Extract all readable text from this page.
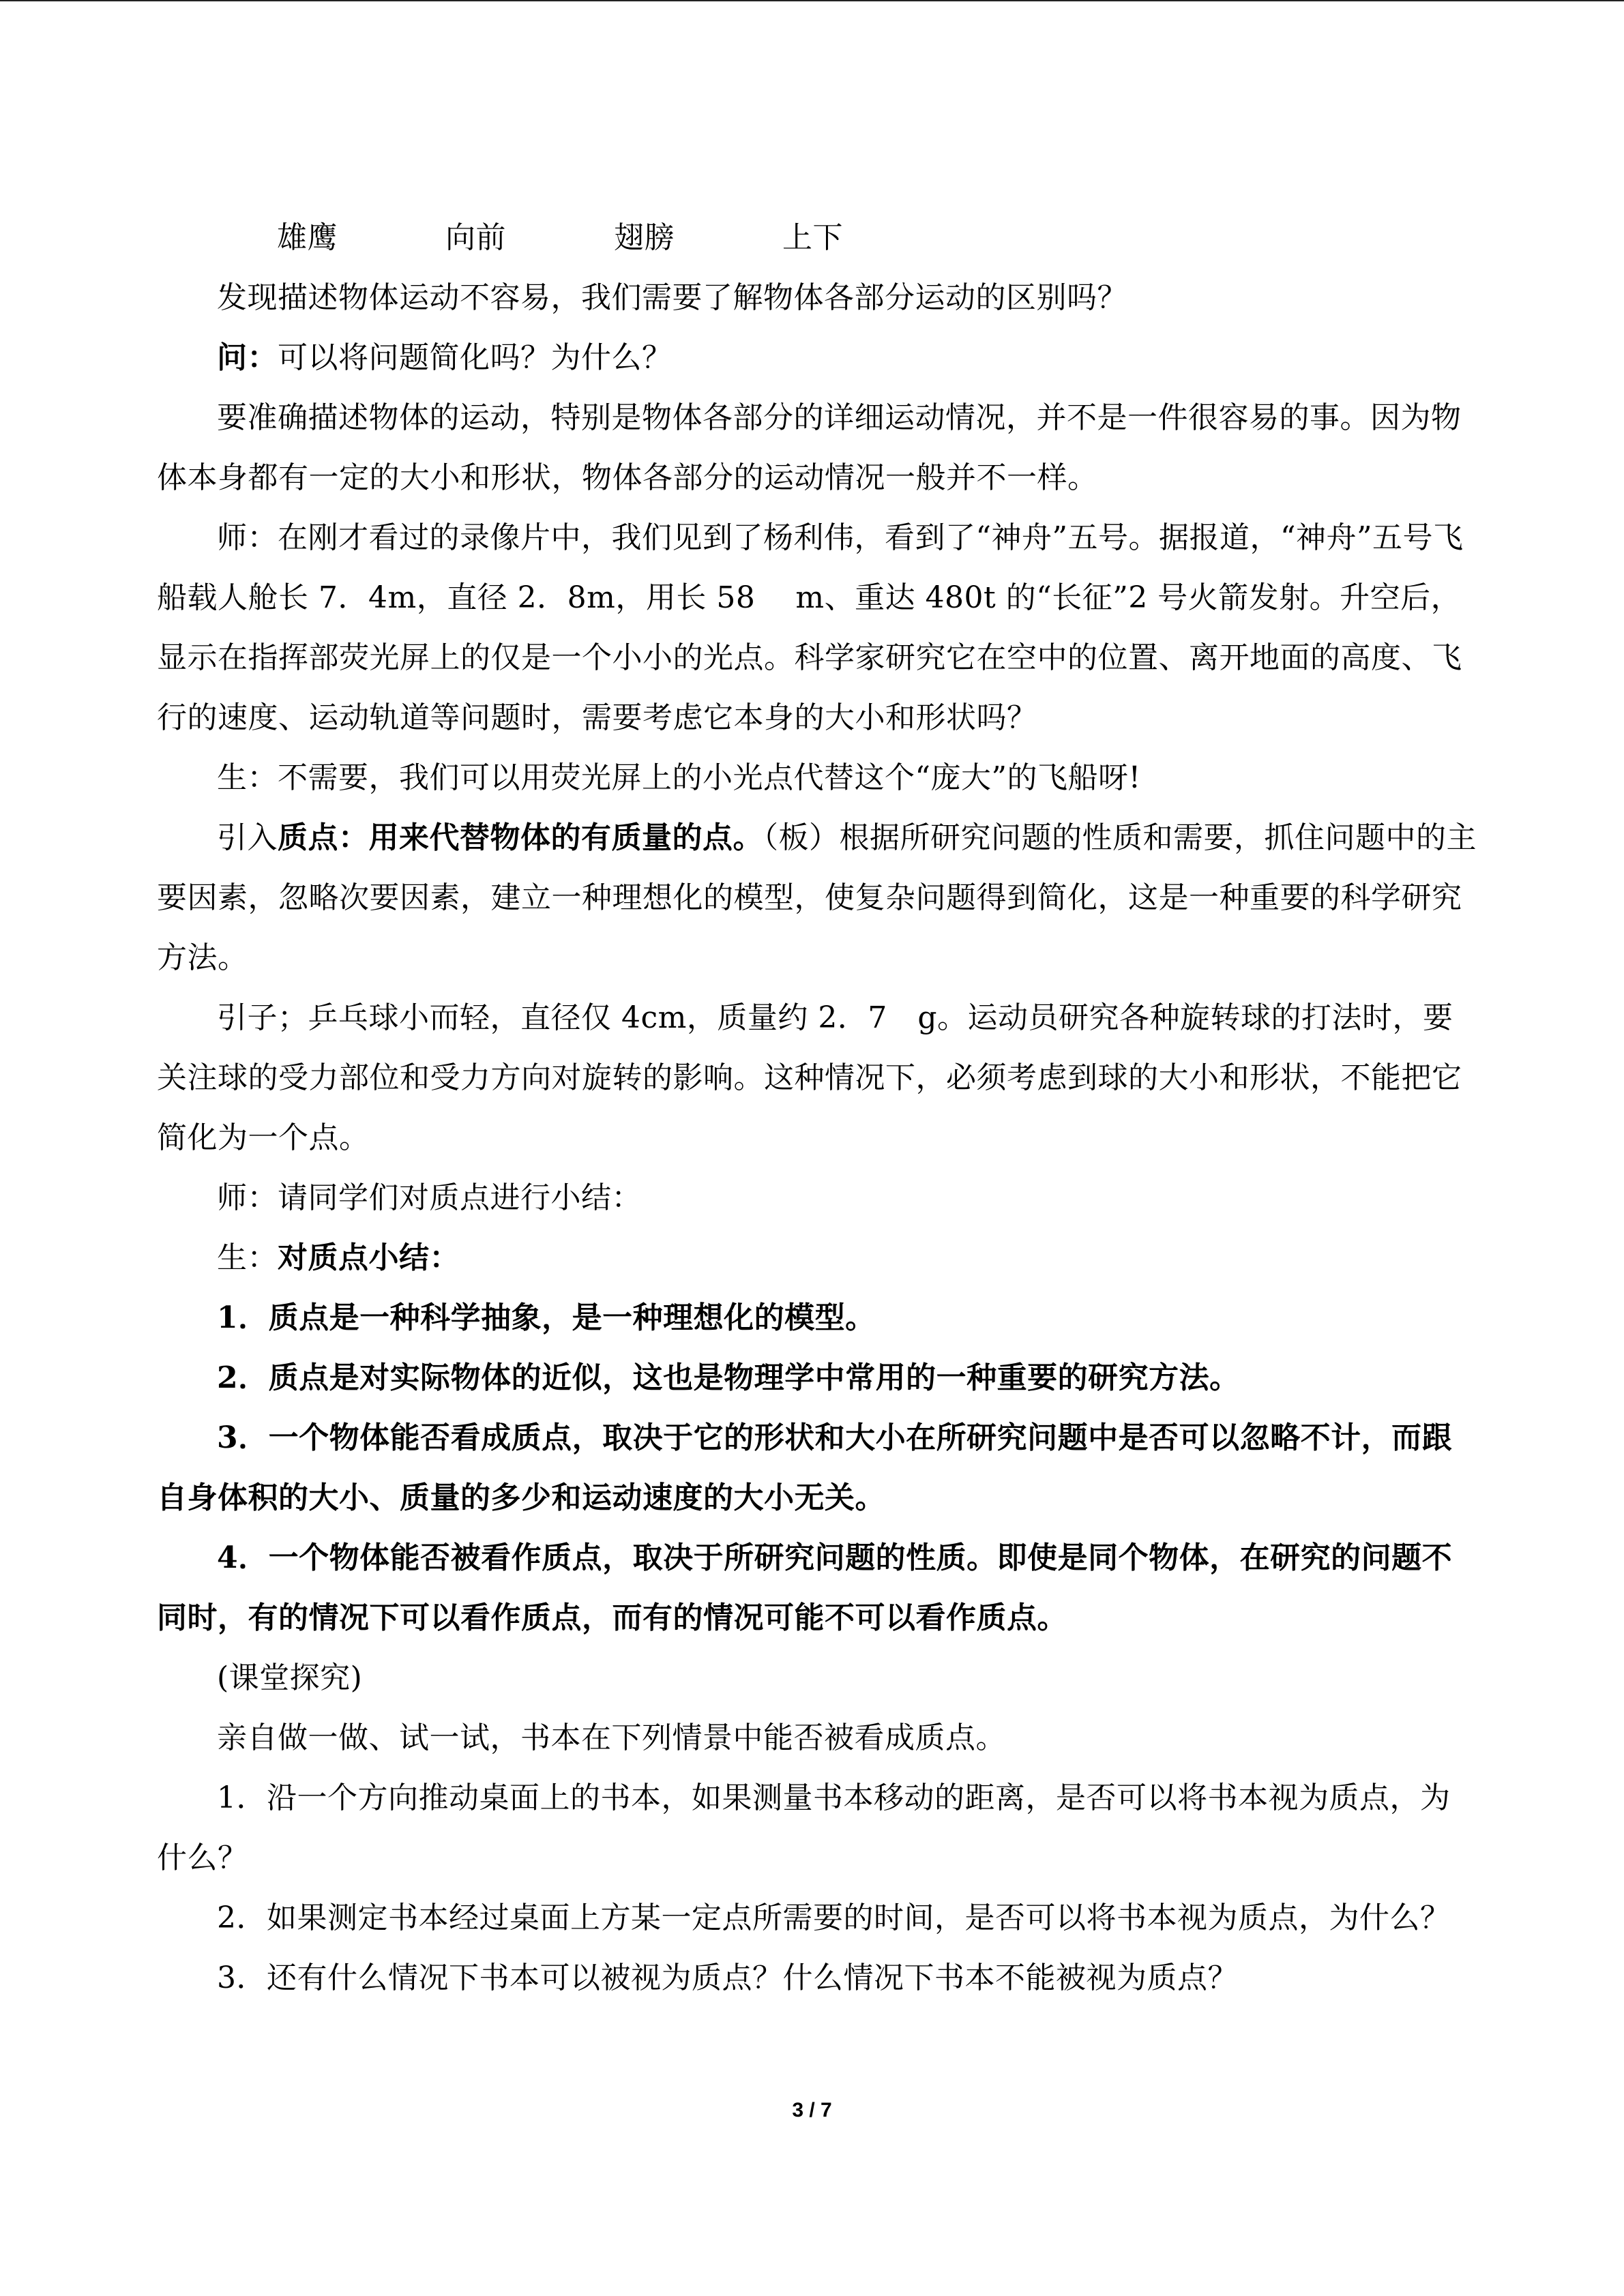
雄鹰	向前	翅膀	上下

发现描述物体运动不容易，我们需要了解物体各部分运动的区别吗？

问：可以将问题简化吗？为什么？

要准确描述物体的运动，特别是物体各部分的详细运动情况，并不是一件很容易的事。因为物体本身都有一定的大小和形状，物体各部分的运动情况一般并不一样。

师：在刚才看过的录像片中，我们见到了杨利伟，看到了“神舟”五号。据报道，“神舟”五号飞船载人舱长 7．4m，直径 2．8m，用长 58　 m、重达 480t 的“长征”2 号火箭发射。升空后，显示在指挥部荧光屏上的仅是一个小小的光点。科学家研究它在空中的位置、离开地面的高度、飞行的速度、运动轨道等问题时，需要考虑它本身的大小和形状吗？

生：不需要，我们可以用荧光屏上的小光点代替这个“庞大”的飞船呀!

引入质点：用来代替物体的有质量的点。（板）根据所研究问题的性质和需要，抓住问题中的主要因素，忽略次要因素，建立一种理想化的模型，使复杂问题得到简化，这是一种重要的科学研究方法。

引子；乒乓球小而轻，直径仅 4cm，质量约 2．7　g。运动员研究各种旋转球的打法时，要关注球的受力部位和受力方向对旋转的影响。这种情况下，必须考虑到球的大小和形状，不能把它简化为一个点。

师：请同学们对质点进行小结：

生：对质点小结：

1．质点是一种科学抽象，是一种理想化的模型。

2．质点是对实际物体的近似，这也是物理学中常用的一种重要的研究方法。

3．一个物体能否看成质点，取决于它的形状和大小在所研究问题中是否可以忽略不计，而跟自身体积的大小、质量的多少和运动速度的大小无关。

4．一个物体能否被看作质点，取决于所研究问题的性质。即使是同个物体，在研究的问题不同时，有的情况下可以看作质点，而有的情况可能不可以看作质点。

(课堂探究)

亲自做一做、试一试，书本在下列情景中能否被看成质点。

1．沿一个方向推动桌面上的书本，如果测量书本移动的距离，是否可以将书本视为质点，为什么？

2．如果测定书本经过桌面上方某一定点所需要的时间，是否可以将书本视为质点，为什么？

3．还有什么情况下书本可以被视为质点？什么情况下书本不能被视为质点？

3 / 7
